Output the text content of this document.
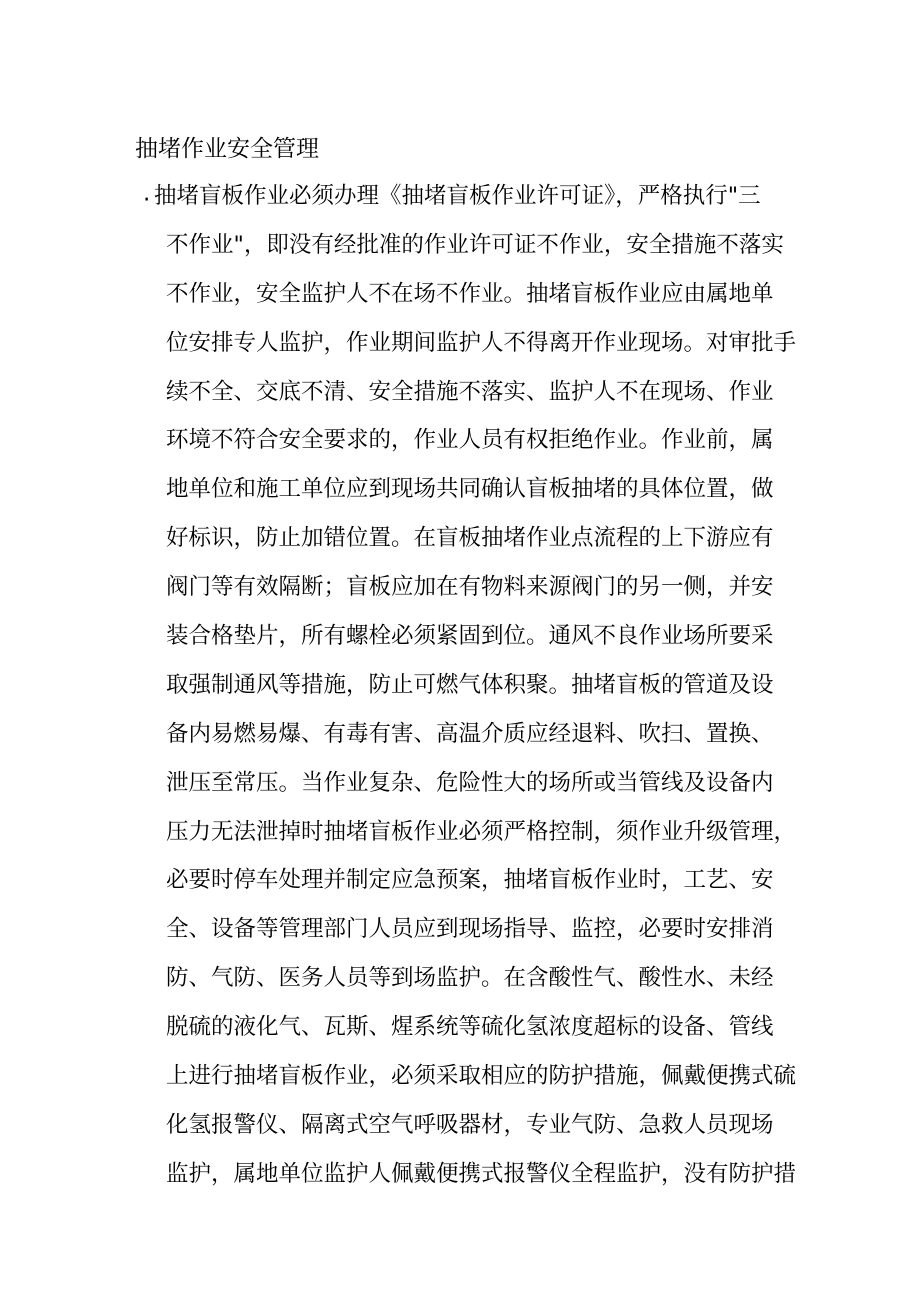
抽堵作业安全管理
· 抽堵盲板作业必须办理《抽堵盲板作业许可证》，严格执行"三
不作业"，即没有经批准的作业许可证不作业，安全措施不落实
不作业，安全监护人不在场不作业。抽堵盲板作业应由属地单
位安排专人监护，作业期间监护人不得离开作业现场。对审批手
续不全、交底不清、安全措施不落实、监护人不在现场、作业
环境不符合安全要求的，作业人员有权拒绝作业。作业前，属
地单位和施工单位应到现场共同确认盲板抽堵的具体位置，做
好标识，防止加错位置。在盲板抽堵作业点流程的上下游应有
阀门等有效隔断；盲板应加在有物料来源阀门的另一侧，并安
装合格垫片，所有螺栓必须紧固到位。通风不良作业场所要采
取强制通风等措施，防止可燃气体积聚。抽堵盲板的管道及设
备内易燃易爆、有毒有害、高温介质应经退料、吹扫、置换、
泄压至常压。当作业复杂、危险性大的场所或当管线及设备内
压力无法泄掉时抽堵盲板作业必须严格控制，须作业升级管理，
必要时停车处理并制定应急预案，抽堵盲板作业时，工艺、安
全、设备等管理部门人员应到现场指导、监控，必要时安排消
防、气防、医务人员等到场监护。在含酸性气、酸性水、未经
脱硫的液化气、瓦斯、煋系统等硫化氢浓度超标的设备、管线
上进行抽堵盲板作业，必须采取相应的防护措施，佩戴便携式硫
化氢报警仪、隔离式空气呼吸器材，专业气防、急救人员现场
监护，属地单位监护人佩戴便携式报警仪全程监护，没有防护措
